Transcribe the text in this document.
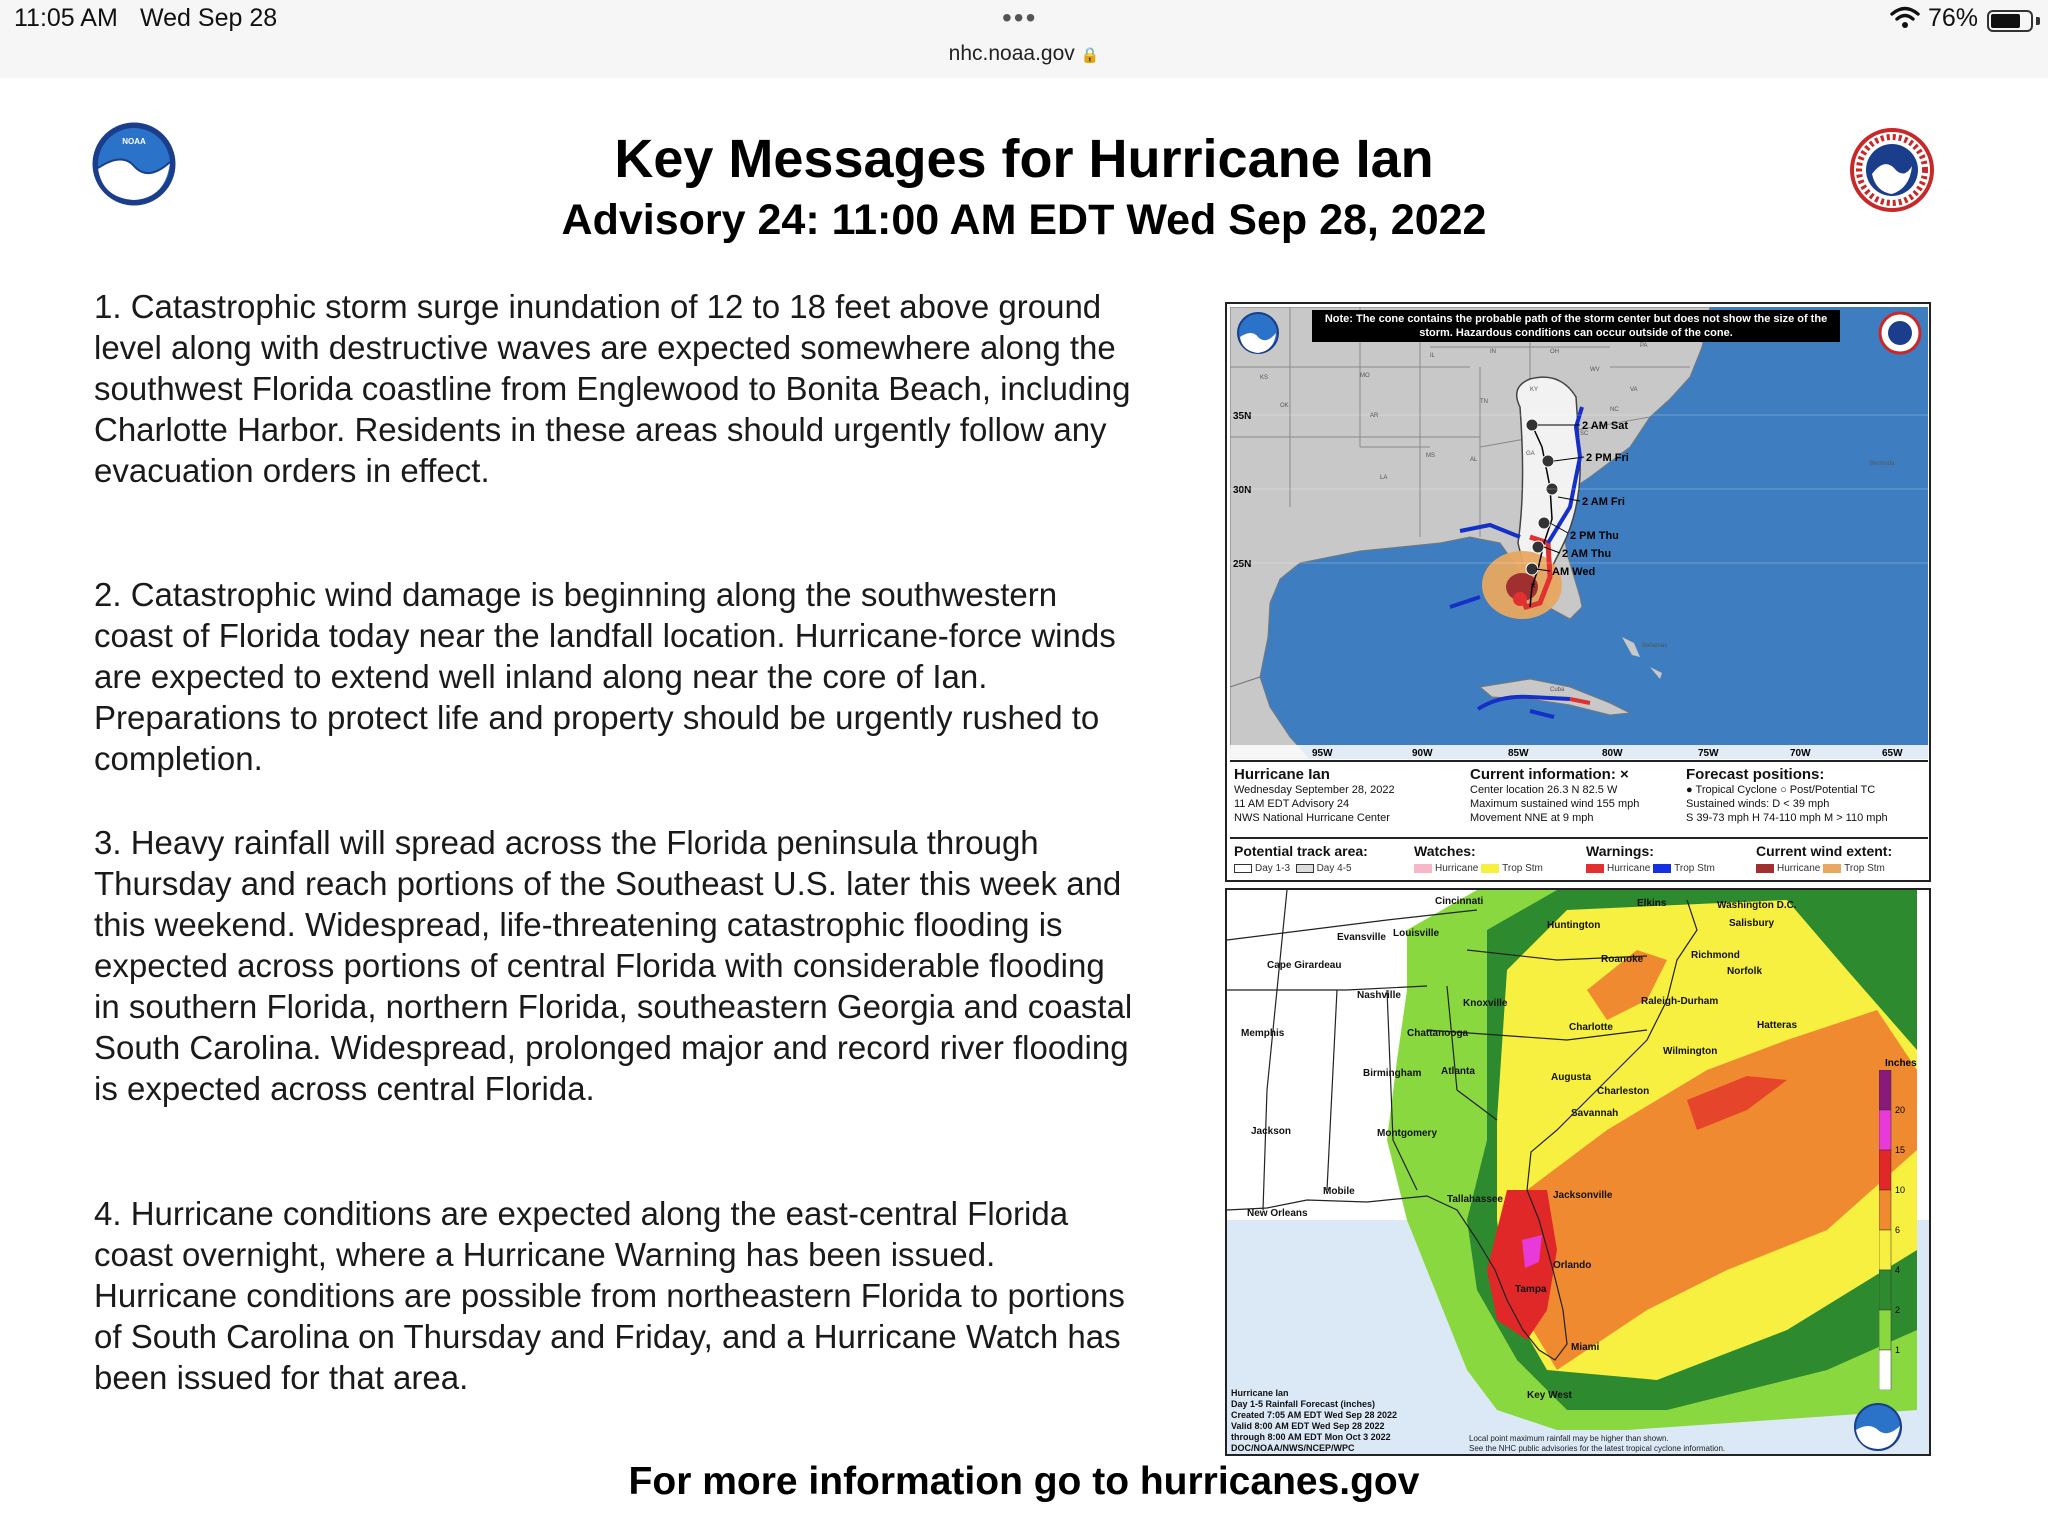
11:05 AM Wed Sep 28	•••
nhc.noaa.gov 🔒
76%
NOAA	Key Messages for Hurricane Ian
Advisory 24: 11:00 AM EDT Wed Sep 28, 2022
1. Catastrophic storm surge inundation of 12 to 18 feet above ground level along with destructive waves are expected somewhere along the southwest Florida coastline from Englewood to Bonita Beach, including Charlotte Harbor. Residents in these areas should urgently follow any evacuation orders in effect.
2. Catastrophic wind damage is beginning along the southwestern coast of Florida today near the landfall location. Hurricane-force winds are expected to extend well inland along near the core of Ian. Preparations to protect life and property should be urgently rushed to completion.
3. Heavy rainfall will spread across the Florida peninsula through Thursday and reach portions of the Southeast U.S. later this week and this weekend. Widespread, life-threatening catastrophic flooding is expected across portions of central Florida with considerable flooding in southern Florida, northern Florida, southeastern Georgia and coastal South Carolina. Widespread, prolonged major and record river flooding is expected across central Florida.
4. Hurricane conditions are expected along the east-central Florida coast overnight, where a Hurricane Warning has been issued. Hurricane conditions are possible from northeastern Florida to portions of South Carolina on Thursday and Friday, and a Hurricane Watch has been issued for that area.
×
2 AM Sat
2 PM Fri
2 AM Fri
2 PM Thu
2 AM Thu
AM Wed
35N
30N
25N
95W	90W	85W	80W	75W	70W	65W
KS	MO
IL
IN	OH
WV
PA
KY	VA
OK
AR
TN
NC
SC
MS
AL
GA
LA
Bermuda
Bahamas
Cuba
Note: The cone contains the probable path of the storm center but does not show the size of the storm. Hazardous conditions can occur outside of the cone.
Hurricane Ian
Wednesday September 28, 2022
11 AM EDT Advisory 24
NWS National Hurricane Center
Current information: ×
Center location 26.3 N 82.5 W
Maximum sustained wind 155 mph
Movement NNE at 9 mph
Forecast positions:
● Tropical Cyclone ○ Post/Potential TC
Sustained winds: D < 39 mph
S 39-73 mph H 74-110 mph M > 110 mph
Potential track area:
Day 1-3	Day 4-5
Watches:
Hurricane Trop Stm
Warnings:
Hurricane Trop Stm
Current wind extent:
Hurricane Trop Stm
Inches
Cincinnati	Elkins	Washington D.C.
Salisbury
Evansville Louisville
Huntington
Cape Girardeau
Roanoke	Richmond
Norfolk
Nashville
Knoxville	Raleigh-Durham
Memphis	Chattanooga
Charlotte	Hatteras
Wilmington
Birmingham Atlanta
Augusta
Charleston
Jackson	Montgomery
Savannah
Mobile
New Orleans
Tallahassee	Jacksonville
Orlando
Tampa
Miami
Key West
Hurricane Ian
Day 1-5 Rainfall Forecast (inches)
Created 7:05 AM EDT Wed Sep 28 2022
Valid 8:00 AM EDT Wed Sep 28 2022
through 8:00 AM EDT Mon Oct 3 2022
DOC/NOAA/NWS/NCEP/WPC
Local point maximum rainfall may be higher than shown.
See the NHC public advisories for the latest tropical cyclone information.
20
15
10
6
4
2
1
For more information go to hurricanes.gov
